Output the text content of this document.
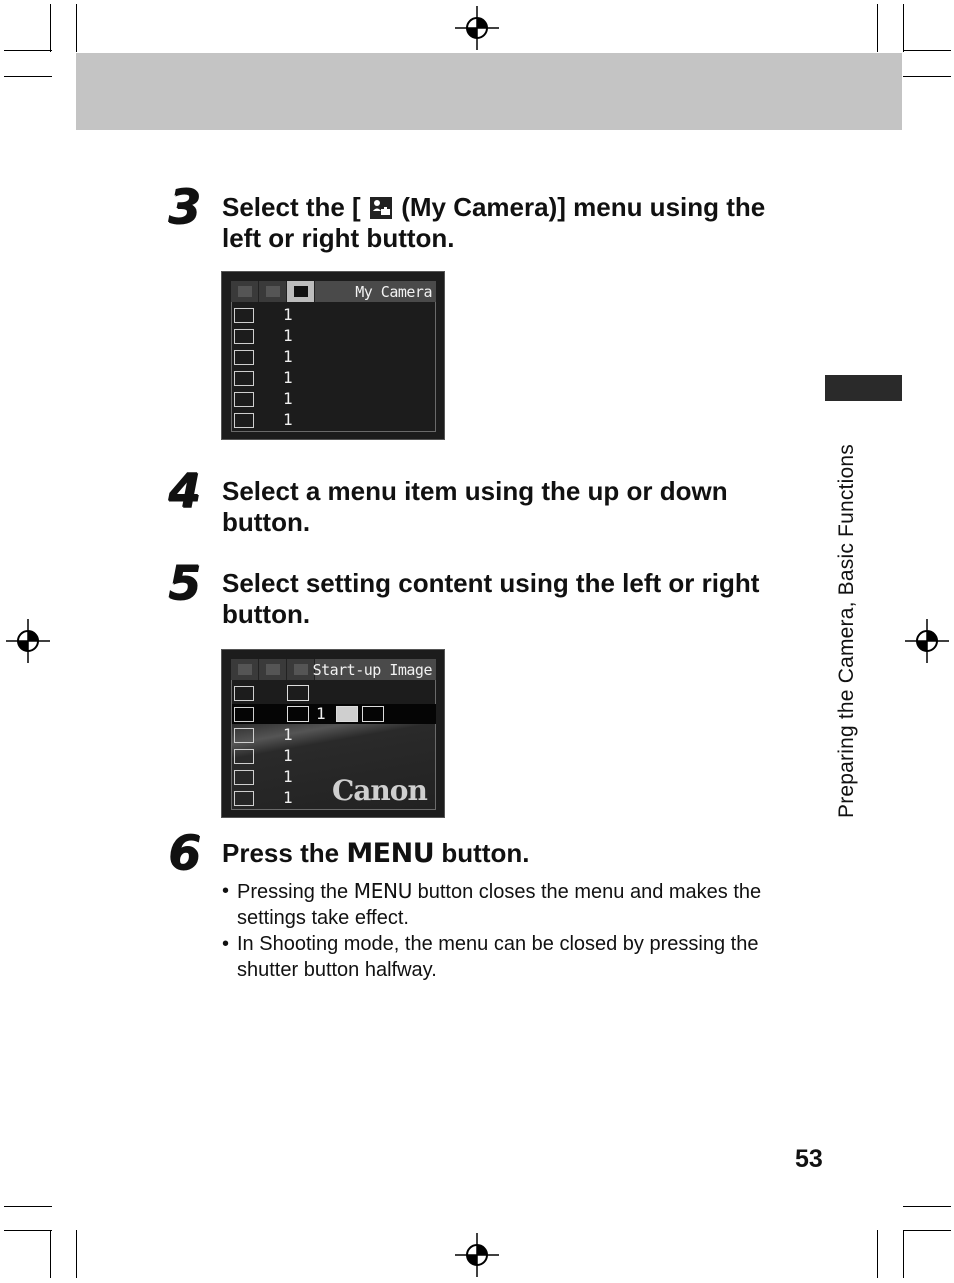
Preparing the Camera, Basic Functions
3 Select the [ (My Camera)] menu using the left or right button.
My Camera
1
1
1
1
1
1
4 Select a menu item using the up or down button.
5 Select setting content using the left or right button.
Start-up Image
1
1
1
1
1 Canon
6 Press the MENU button.
• Pressing the MENU button closes the menu and makes the settings take effect.
• In Shooting mode, the menu can be closed by pressing the shutter button halfway.
53
